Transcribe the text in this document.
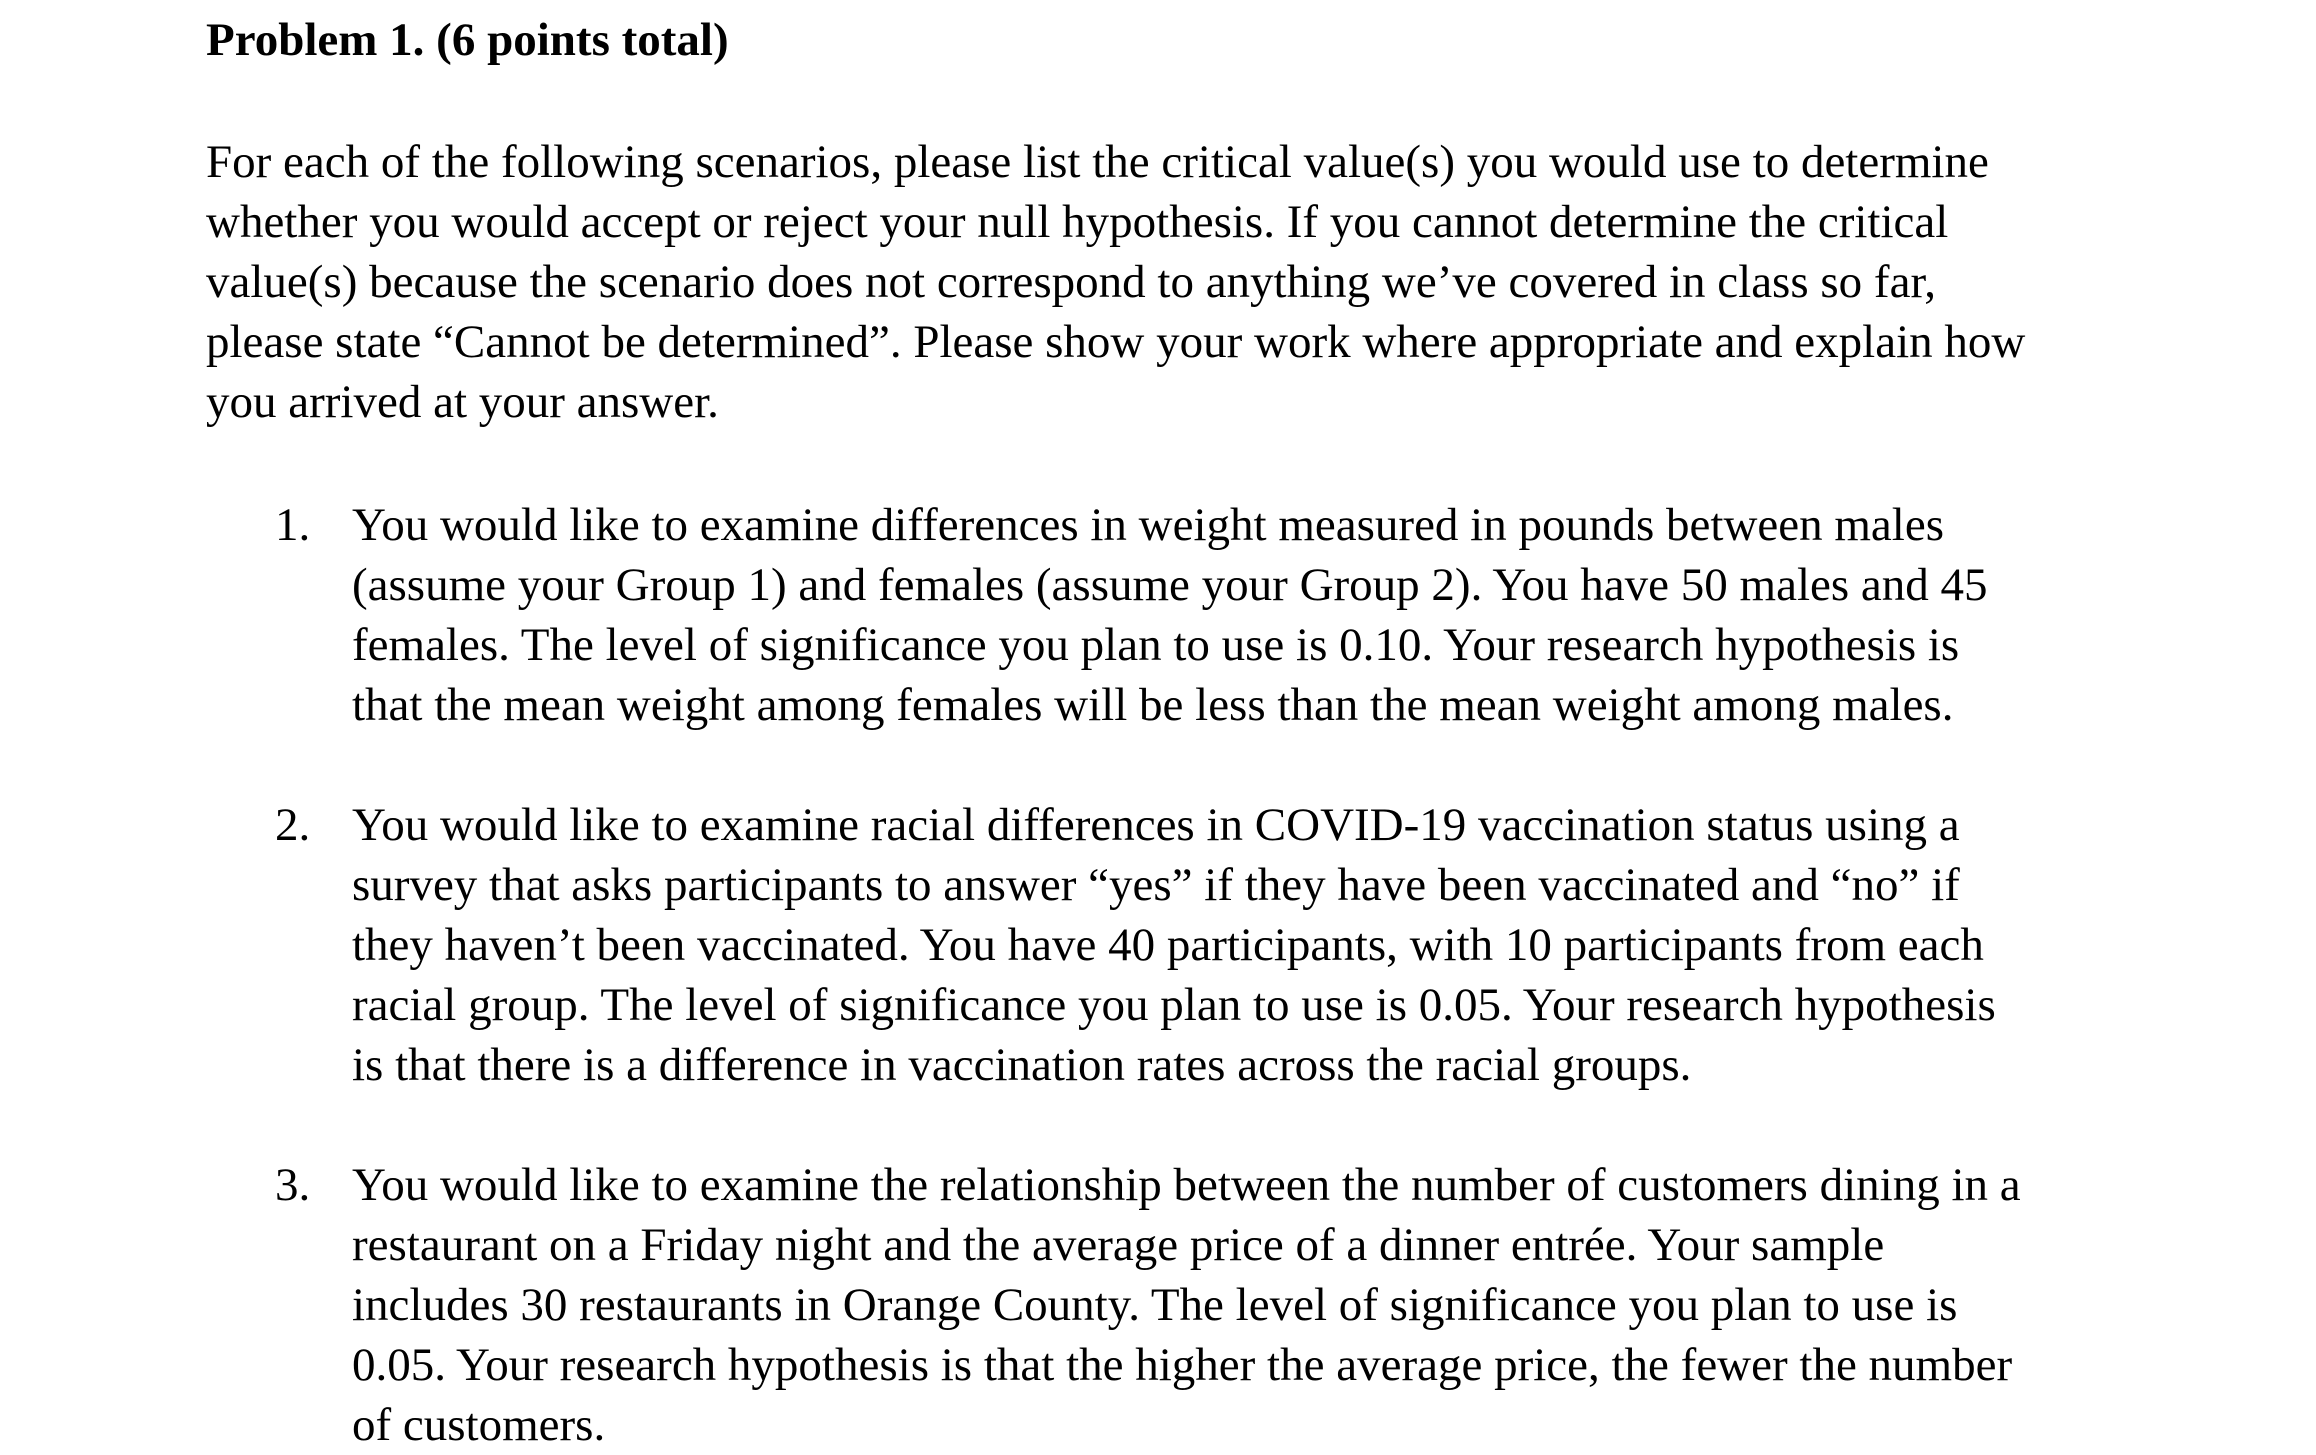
Problem 1. (6 points total)
For each of the following scenarios, please list the critical value(s) you would use to determine
whether you would accept or reject your null hypothesis. If you cannot determine the critical
value(s) because the scenario does not correspond to anything we’ve covered in class so far,
please state “Cannot be determined”. Please show your work where appropriate and explain how
you arrived at your answer.
1. You would like to examine differences in weight measured in pounds between males
(assume your Group 1) and females (assume your Group 2). You have 50 males and 45
females. The level of significance you plan to use is 0.10. Your research hypothesis is
that the mean weight among females will be less than the mean weight among males.
2. You would like to examine racial differences in COVID-19 vaccination status using a
survey that asks participants to answer “yes” if they have been vaccinated and “no” if
they haven’t been vaccinated. You have 40 participants, with 10 participants from each
racial group. The level of significance you plan to use is 0.05. Your research hypothesis
is that there is a difference in vaccination rates across the racial groups.
3. You would like to examine the relationship between the number of customers dining in a
restaurant on a Friday night and the average price of a dinner entrée. Your sample
includes 30 restaurants in Orange County. The level of significance you plan to use is
0.05. Your research hypothesis is that the higher the average price, the fewer the number
of customers.
